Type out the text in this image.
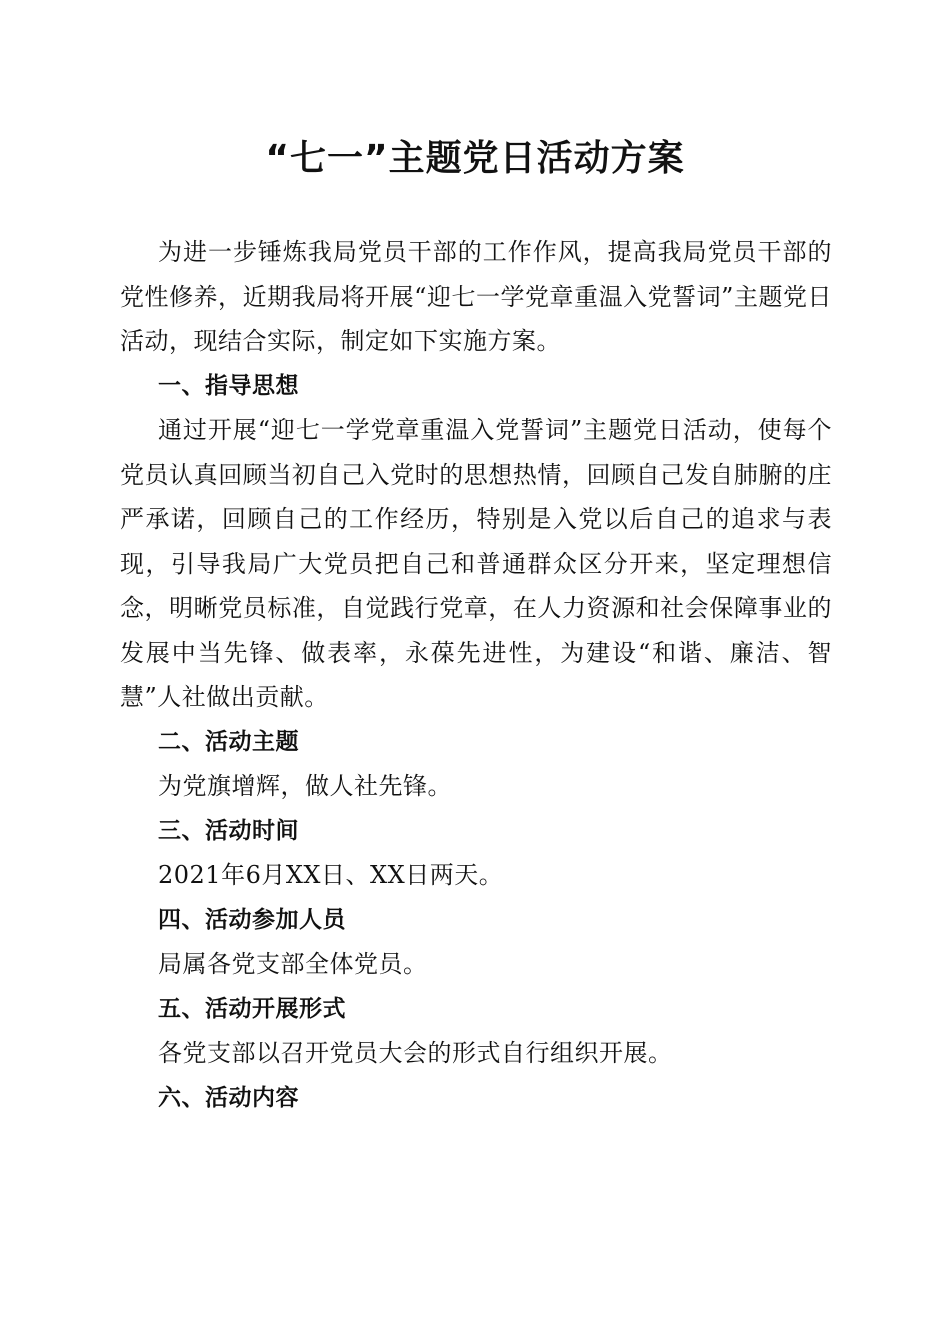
“七一”主题党日活动方案

为进一步锤炼我局党员干部的工作作风，提高我局党员干部的党性修养，近期我局将开展“迎七一学党章重温入党誓词”主题党日活动，现结合实际，制定如下实施方案。

一、指导思想

通过开展“迎七一学党章重温入党誓词”主题党日活动，使每个党员认真回顾当初自己入党时的思想热情，回顾自己发自肺腑的庄严承诺，回顾自己的工作经历，特别是入党以后自己的追求与表现，引导我局广大党员把自己和普通群众区分开来，坚定理想信念，明晰党员标准，自觉践行党章，在人力资源和社会保障事业的发展中当先锋、做表率，永葆先进性，为建设“和谐、廉洁、智慧”人社做出贡献。

二、活动主题

为党旗增辉，做人社先锋。

三、活动时间

2021年6月XX日、XX日两天。

四、活动参加人员

局属各党支部全体党员。

五、活动开展形式

各党支部以召开党员大会的形式自行组织开展。

六、活动内容
